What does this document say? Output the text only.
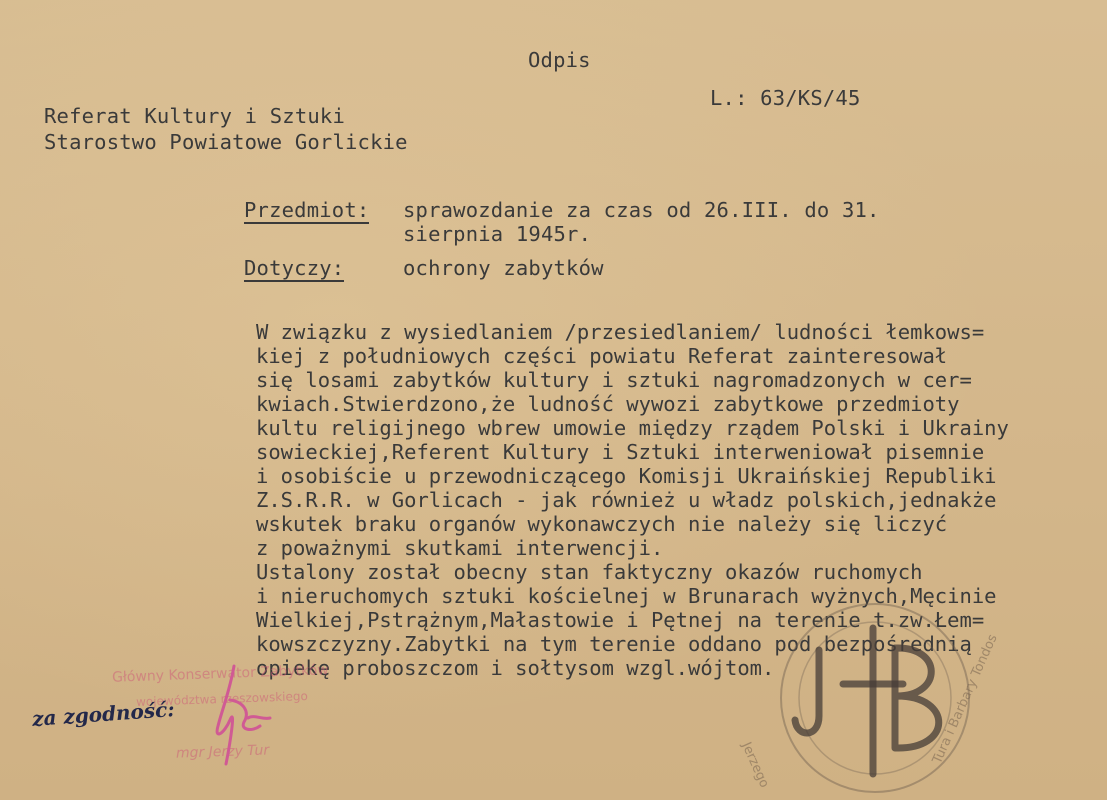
Odpis
L.: 63/KS/45
Referat Kultury i Sztuki
Starostwo Powiatowe Gorlickie
Przedmiot: sprawozdanie za czas od 26.III. do 31.
sierpnia 1945r.
Dotyczy:	ochrony zabytków
W związku z wysiedlaniem /przesiedlaniem/ ludności łemkows=
kiej z południowych części powiatu Referat zainteresował
się losami zabytków kultury i sztuki nagromadzonych w cer=
kwiach.Stwierdzono,że ludność wywozi zabytkowe przedmioty
kultu religijnego wbrew umowie między rządem Polski i Ukrainy
sowieckiej,Referent Kultury i Sztuki interweniował pisemnie
i osobiście u przewodniczącego Komisji Ukraińskiej Republiki
Z.S.R.R. w Gorlicach - jak również u władz polskich,jednakże
wskutek braku organów wykonawczych nie należy się liczyć
z poważnymi skutkami interwencji.
Ustalony został obecny stan faktyczny okazów ruchomych
i nieruchomych sztuki kościelnej w Brunarach wyżnych,Męcinie
Wielkiej,Pstrążnym,Małastowie i Pętnej na terenie t.zw.Łem=
kowszczyzny.Zabytki na tym terenie oddano pod bezpośrednią
opiekę proboszczom i sołtysom wzgl.wójtom.
Główny Konserwator Zabytków
województwa rzeszowskiego
mgr Jerzy Tur
za zgodność:
Jerzego	Tura i Barbary Tondos
